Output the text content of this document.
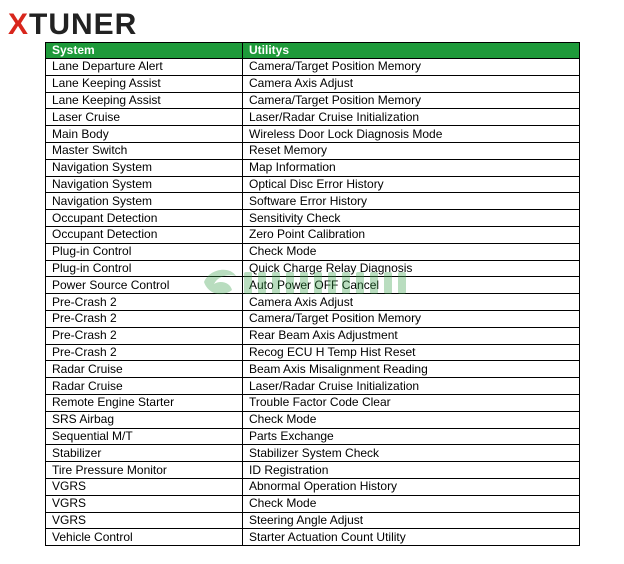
XTUNER
System	Utilitys
Lane Departure Alert	Camera/Target Position Memory
Lane Keeping Assist	Camera Axis Adjust
Lane Keeping Assist	Camera/Target Position Memory
Laser Cruise	Laser/Radar Cruise Initialization
Main Body	Wireless Door Lock Diagnosis Mode
Master Switch	Reset Memory
Navigation System	Map Information
Navigation System	Optical Disc Error History
Navigation System	Software Error History
Occupant Detection	Sensitivity Check
Occupant Detection	Zero Point Calibration
Plug-in Control	Check Mode
Plug-in Control	Quick Charge Relay Diagnosis
Power Source Control	Auto Power OFF Cancel
Pre-Crash 2	Camera Axis Adjust
Pre-Crash 2	Camera/Target Position Memory
Pre-Crash 2	Rear Beam Axis Adjustment
Pre-Crash 2	Recog ECU H Temp Hist Reset
Radar Cruise	Beam Axis Misalignment Reading
Radar Cruise	Laser/Radar Cruise Initialization
Remote Engine Starter	Trouble Factor Code Clear
SRS Airbag	Check Mode
Sequential M/T	Parts Exchange
Stabilizer	Stabilizer System Check
Tire Pressure Monitor	ID Registration
VGRS	Abnormal Operation History
VGRS	Check Mode
VGRS	Steering Angle Adjust
Vehicle Control	Starter Actuation Count Utility
